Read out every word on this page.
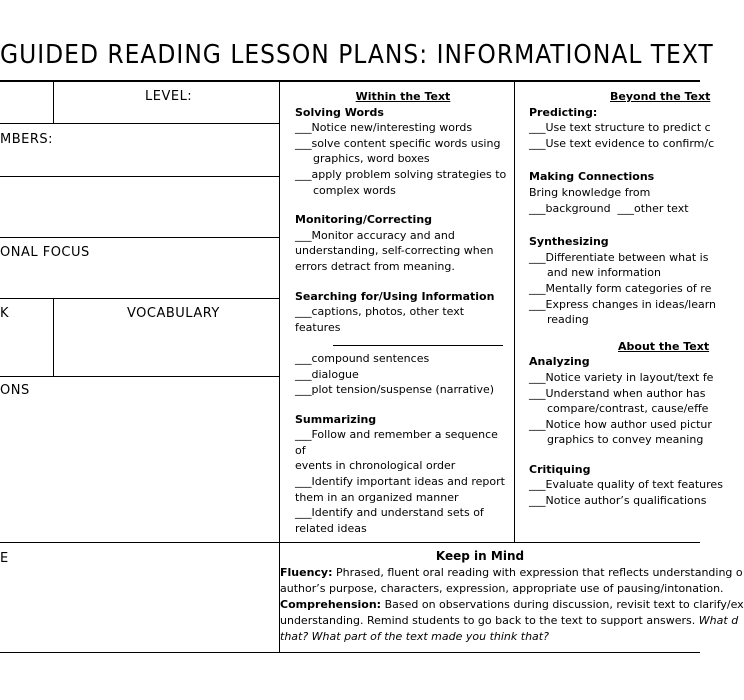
GUIDED READING LESSON PLANS: INFORMATIONAL TEXT
LEVEL:
MBERS:
ONAL FOCUS
K	VOCABULARY
ONS
E
Within the Text
Solving Words
___Notice new/interesting words
___solve content specific words using
graphics, word boxes
___apply problem solving strategies to
complex words
Monitoring/Correcting
___Monitor accuracy and and
understanding, self-correcting when
errors detract from meaning.
Searching for/Using Information
___captions, photos, other text features
___compound sentences
___dialogue
___plot tension/suspense (narrative)
Summarizing
___Follow and remember a sequence of
events in chronological order
___Identify important ideas and report
them in an organized manner
___Identify and understand sets of
related ideas
Beyond the Text
Predicting:
___Use text structure to predict c
___Use text evidence to confirm/c
Making Connections
Bring knowledge from
___background  ___other text
Synthesizing
___Differentiate between what is
and new information
___Mentally form categories of re
___Express changes in ideas/learn
reading
About the Text
Analyzing
___Notice variety in layout/text fe
___Understand when author has
compare/contrast, cause/effe
___Notice how author used pictur
graphics to convey meaning
Critiquing
___Evaluate quality of text features
___Notice author’s qualifications
Keep in Mind
Fluency: Phrased, fluent oral reading with expression that reflects understanding o
author’s purpose, characters, expression, appropriate use of pausing/intonation.
Comprehension: Based on observations during discussion, revisit text to clarify/ex
understanding. Remind students to go back to the text to support answers. What d
that? What part of the text made you think that?
